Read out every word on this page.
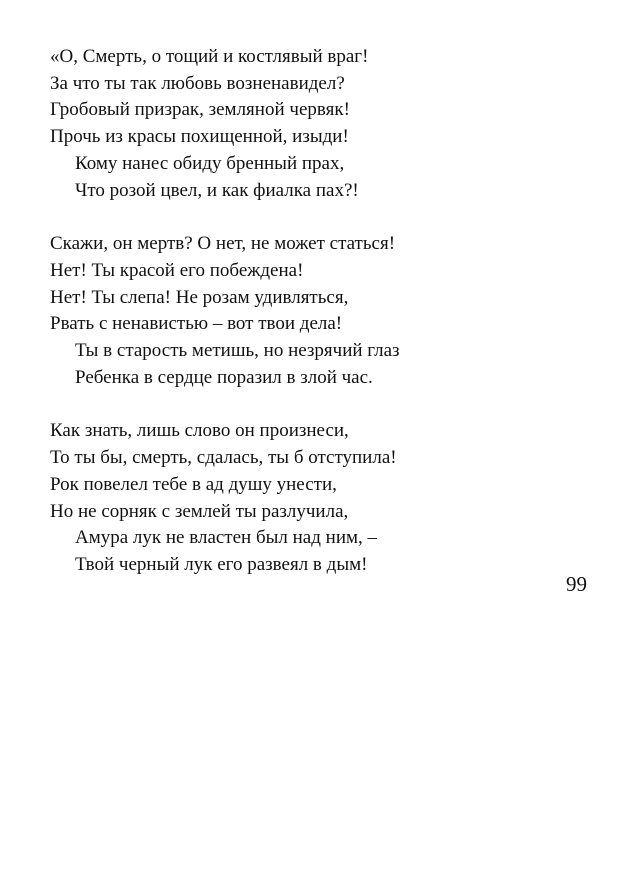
«О, Смерть, о тощий и костлявый враг!
За что ты так любовь возненавидел?
Гробовый призрак, земляной червяк!
Прочь из красы похищенной, изыди!
Кому нанес обиду бренный прах,
Что розой цвел, и как фиалка пах?!
Скажи, он мертв? О нет, не может статься!
Нет! Ты красой его побеждена!
Нет! Ты слепа! Не розам удивляться,
Рвать с ненавистью – вот твои дела!
Ты в старость метишь, но незрячий глаз
Ребенка в сердце поразил в злой час.
Как знать, лишь слово он произнеси,
То ты бы, смерть, сдалась, ты б отступила!
Рок повелел тебе в ад душу унести,
Но не сорняк с землей ты разлучила,
Амура лук не властен был над ним, –
Твой черный лук его развеял в дым!
99
